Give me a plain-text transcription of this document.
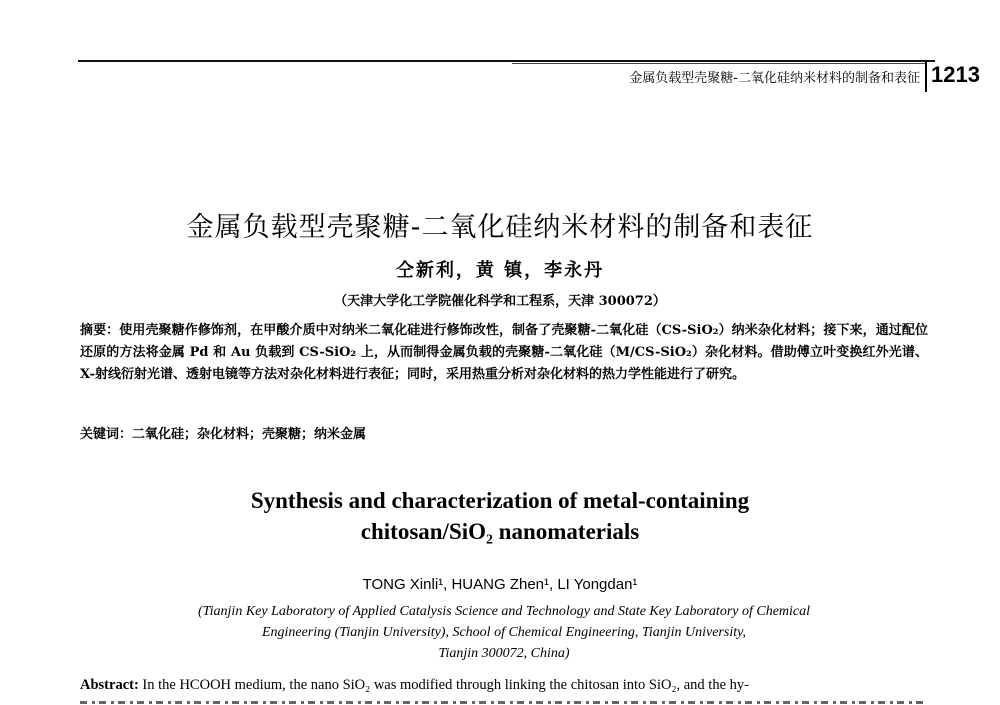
金属负载型壳聚糖-二氧化硅纳米材料的制备和表征 1213
金属负载型壳聚糖-二氧化硅纳米材料的制备和表征
仝新利，黄 镇，李永丹
（天津大学化工学院催化科学和工程系，天津 300072）
摘要：使用壳聚糖作修饰剂，在甲酸介质中对纳米二氧化硅进行修饰改性，制备了壳聚糖-二氧化硅（CS-SiO₂）纳米杂化材料；接下来，通过配位还原的方法将金属 Pd 和 Au 负载到 CS-SiO₂ 上，从而制得金属负载的壳聚糖-二氧化硅（M/CS-SiO₂）杂化材料。借助傅立叶变换红外光谱、X-射线衍射光谱、透射电镜等方法对杂化材料进行表征；同时，采用热重分析对杂化材料的热力学性能进行了研究。
关键词：二氧化硅；杂化材料；壳聚糖；纳米金属
Synthesis and characterization of metal-containing
chitosan/SiO₂ nanomaterials
TONG Xinli¹, HUANG Zhen¹, LI Yongdan¹
(Tianjin Key Laboratory of Applied Catalysis Science and Technology and State Key Laboratory of Chemical
Engineering (Tianjin University), School of Chemical Engineering, Tianjin University,
Tianjin 300072, China)
Abstract: In the HCOOH medium, the nano SiO₂ was modified through linking the chitosan into SiO₂, and the hy-
